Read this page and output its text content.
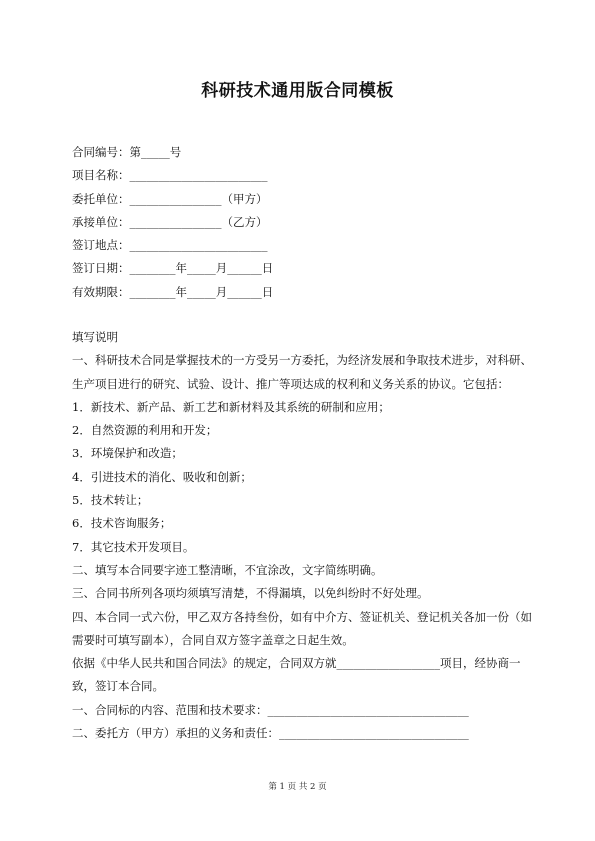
科研技术通用版合同模板
合同编号：第_____号
项目名称：________________________
委托单位：________________（甲方）
承接单位：________________（乙方）
签订地点：________________________
签订日期：________年_____月______日
有效期限：________年_____月______日

填写说明

一、科研技术合同是掌握技术的一方受另一方委托，为经济发展和争取技术进步，对科研、生产项目进行的研究、试验、设计、推广等项达成的权利和义务关系的协议。它包括：

1．新技术、新产品、新工艺和新材料及其系统的研制和应用；

2．自然资源的利用和开发；

3．环境保护和改造；

4．引进技术的消化、吸收和创新；

5．技术转让；

6．技术咨询服务；

7．其它技术开发项目。

二、填写本合同要字迹工整清晰，不宜涂改，文字简练明确。

三、合同书所列各项均须填写清楚，不得漏填，以免纠纷时不好处理。

四、本合同一式六份，甲乙双方各持叁份，如有中介方、签证机关、登记机关各加一份（如需要时可填写副本），合同自双方签字盖章之日起生效。

依据《中华人民共和国合同法》的规定，合同双方就__________________项目，经协商一致，签订本合同。

一、合同标的内容、范围和技术要求：___________________________________

二、委托方（甲方）承担的义务和责任：_________________________________

第 1 页 共 2 页
